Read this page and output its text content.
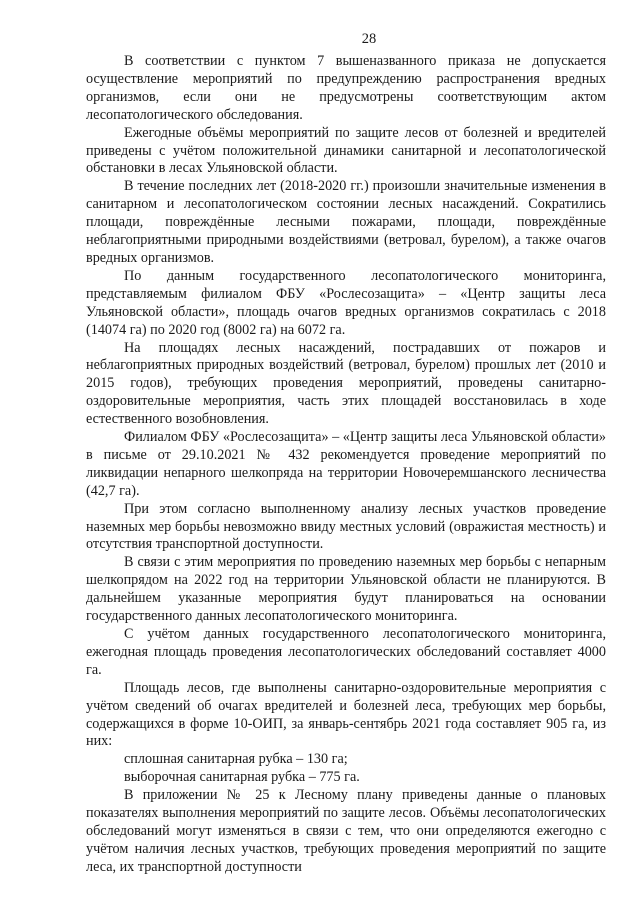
28

В соответствии с пунктом 7 вышеназванного приказа не допускается осуществление мероприятий по предупреждению распространения вредных организмов, если они не предусмотрены соответствующим актом лесопатологического обследования.

Ежегодные объёмы мероприятий по защите лесов от болезней и вредителей приведены с учётом положительной динамики санитарной и лесопатологической обстановки в лесах Ульяновской области.

В течение последних лет (2018-2020 гг.) произошли значительные изменения в санитарном и лесопатологическом состоянии лесных насаждений. Сократились площади, повреждённые лесными пожарами, площади, повреждённые неблагоприятными природными воздействиями (ветровал, бурелом), а также очагов вредных организмов.

По данным государственного лесопатологического мониторинга, представляемым филиалом ФБУ «Рослесозащита» – «Центр защиты леса Ульяновской области», площадь очагов вредных организмов сократилась с 2018 (14074 га) по 2020 год (8002 га) на 6072 га.

На площадях лесных насаждений, пострадавших от пожаров и неблагоприятных природных воздействий (ветровал, бурелом) прошлых лет (2010 и 2015 годов), требующих проведения мероприятий, проведены санитарно-оздоровительные мероприятия, часть этих площадей восстановилась в ходе естественного возобновления.

Филиалом ФБУ «Рослесозащита» – «Центр защиты леса Ульяновской области» в письме от 29.10.2021 № 432 рекомендуется проведение мероприятий по ликвидации непарного шелкопряда на территории Новочеремшанского лесничества (42,7 га).

При этом согласно выполненному анализу лесных участков проведение наземных мер борьбы невозможно ввиду местных условий (овражистая местность) и отсутствия транспортной доступности.

В связи с этим мероприятия по проведению наземных мер борьбы с непарным шелкопрядом на 2022 год на территории Ульяновской области не планируются. В дальнейшем указанные мероприятия будут планироваться на основании государственного данных лесопатологического мониторинга.

С учётом данных государственного лесопатологического мониторинга, ежегодная площадь проведения лесопатологических обследований составляет 4000 га.

Площадь лесов, где выполнены санитарно-оздоровительные мероприятия с учётом сведений об очагах вредителей и болезней леса, требующих мер борьбы, содержащихся в форме 10-ОИП, за январь-сентябрь 2021 года составляет 905 га, из них:

сплошная санитарная рубка – 130 га;

выборочная санитарная рубка – 775 га.

В приложении № 25 к Лесному плану приведены данные о плановых показателях выполнения мероприятий по защите лесов. Объёмы лесопатологических обследований могут изменяться в связи с тем, что они определяются ежегодно с учётом наличия лесных участков, требующих проведения мероприятий по защите леса, их транспортной доступности
